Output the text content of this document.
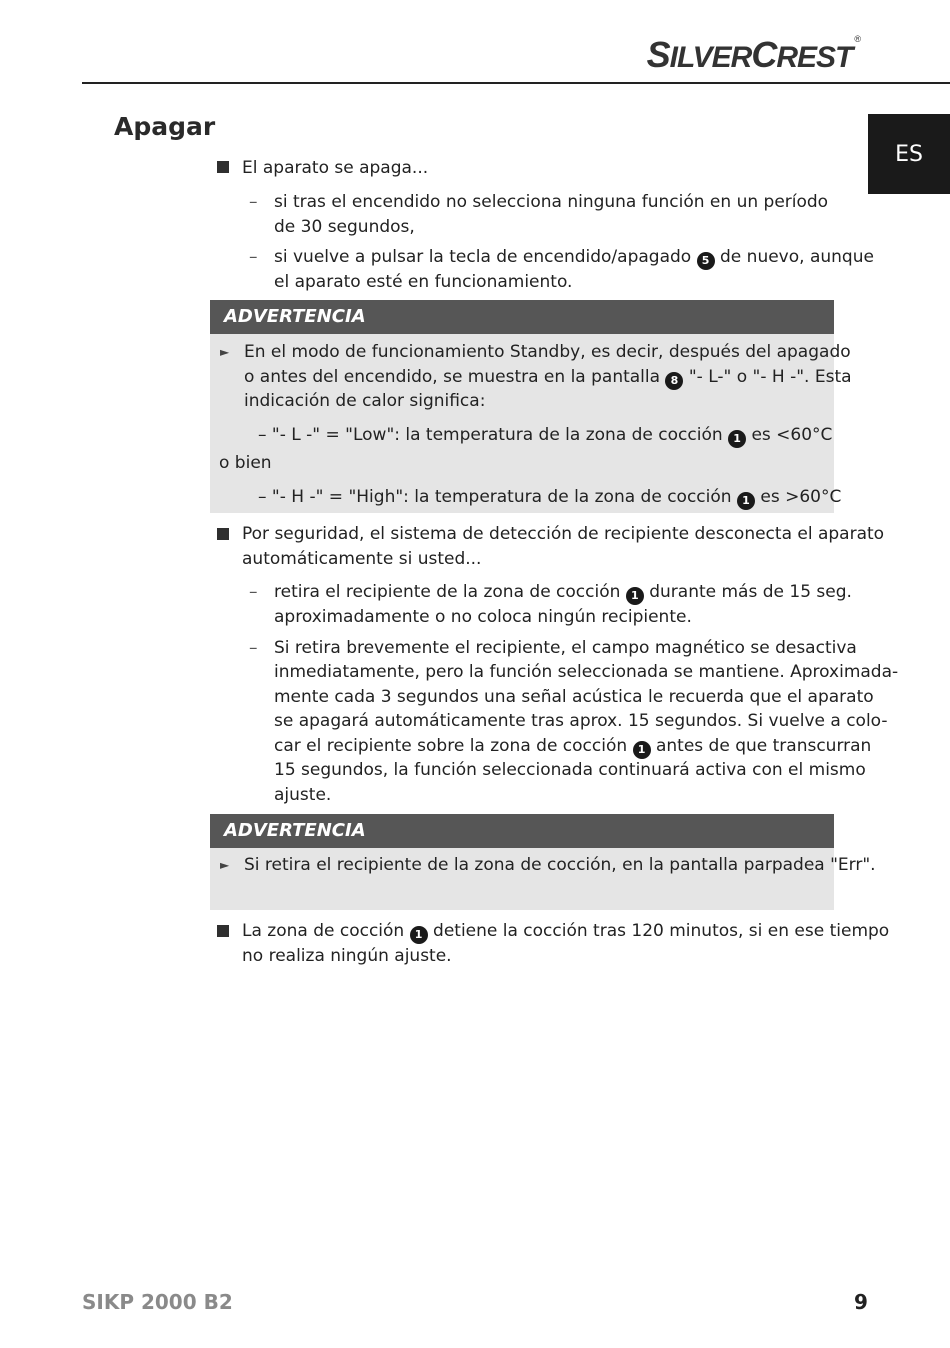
SILVERCREST®
ES
Apagar
El aparato se apaga...
– si tras el encendido no selecciona ninguna función en un período de 30 segundos,
– si vuelve a pulsar la tecla de encendido/apagado 5 de nuevo, aunque
el aparato esté en funcionamiento.
ADVERTENCIA
► En el modo de funcionamiento Standby, es decir, después del apagado
o antes del encendido, se muestra en la pantalla 8 "- L-" o "- H -". Esta
indicación de calor significa:
– "- L -" = "Low": la temperatura de la zona de cocción 1 es <60°C
o bien
– "- H -" = "High": la temperatura de la zona de cocción 1 es >60°C
Por seguridad, el sistema de detección de recipiente desconecta el aparato
automáticamente si usted...
– retira el recipiente de la zona de cocción 1 durante más de 15 seg.
aproximadamente o no coloca ningún recipiente.
– Si retira brevemente el recipiente, el campo magnético se desactiva
inmediatamente, pero la función seleccionada se mantiene. Aproximada-
mente cada 3 segundos una señal acústica le recuerda que el aparato
se apagará automáticamente tras aprox. 15 segundos. Si vuelve a colo-
car el recipiente sobre la zona de cocción 1 antes de que transcurran
15 segundos, la función seleccionada continuará activa con el mismo
ajuste.
ADVERTENCIA
► Si retira el recipiente de la zona de cocción, en la pantalla parpadea "Err".
La zona de cocción 1 detiene la cocción tras 120 minutos, si en ese tiempo
no realiza ningún ajuste.
SIKP 2000 B2	9
